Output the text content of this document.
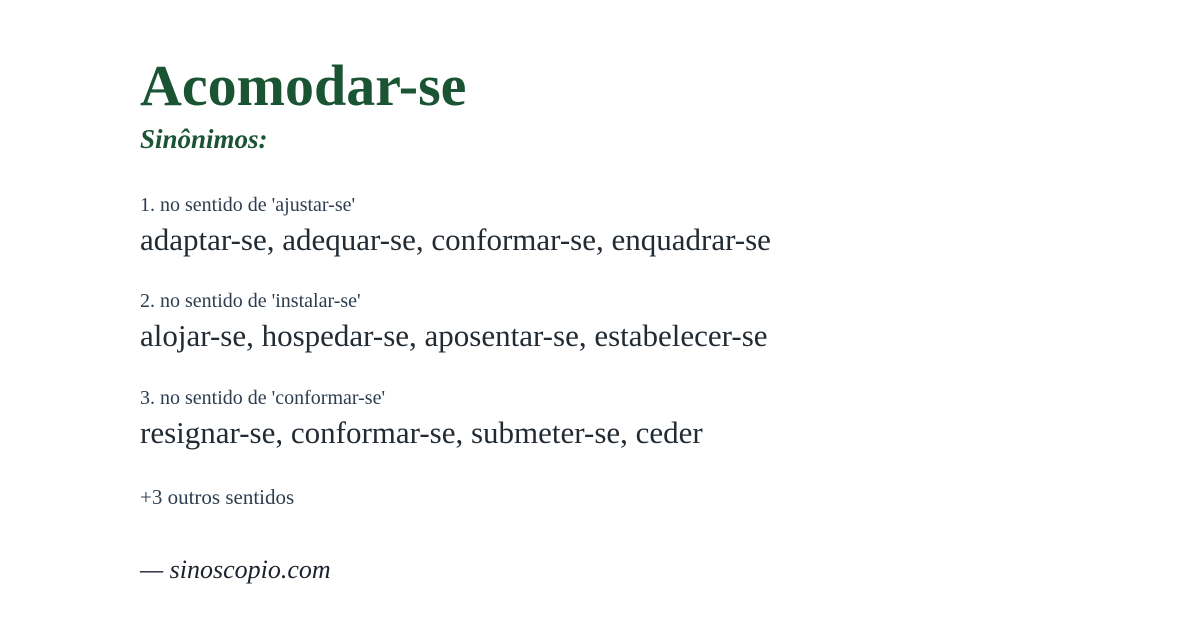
Acomodar-se
Sinônimos:
1. no sentido de 'ajustar-se'
adaptar-se, adequar-se, conformar-se, enquadrar-se
2. no sentido de 'instalar-se'
alojar-se, hospedar-se, aposentar-se, estabelecer-se
3. no sentido de 'conformar-se'
resignar-se, conformar-se, submeter-se, ceder
+3 outros sentidos
— sinoscopio.com
